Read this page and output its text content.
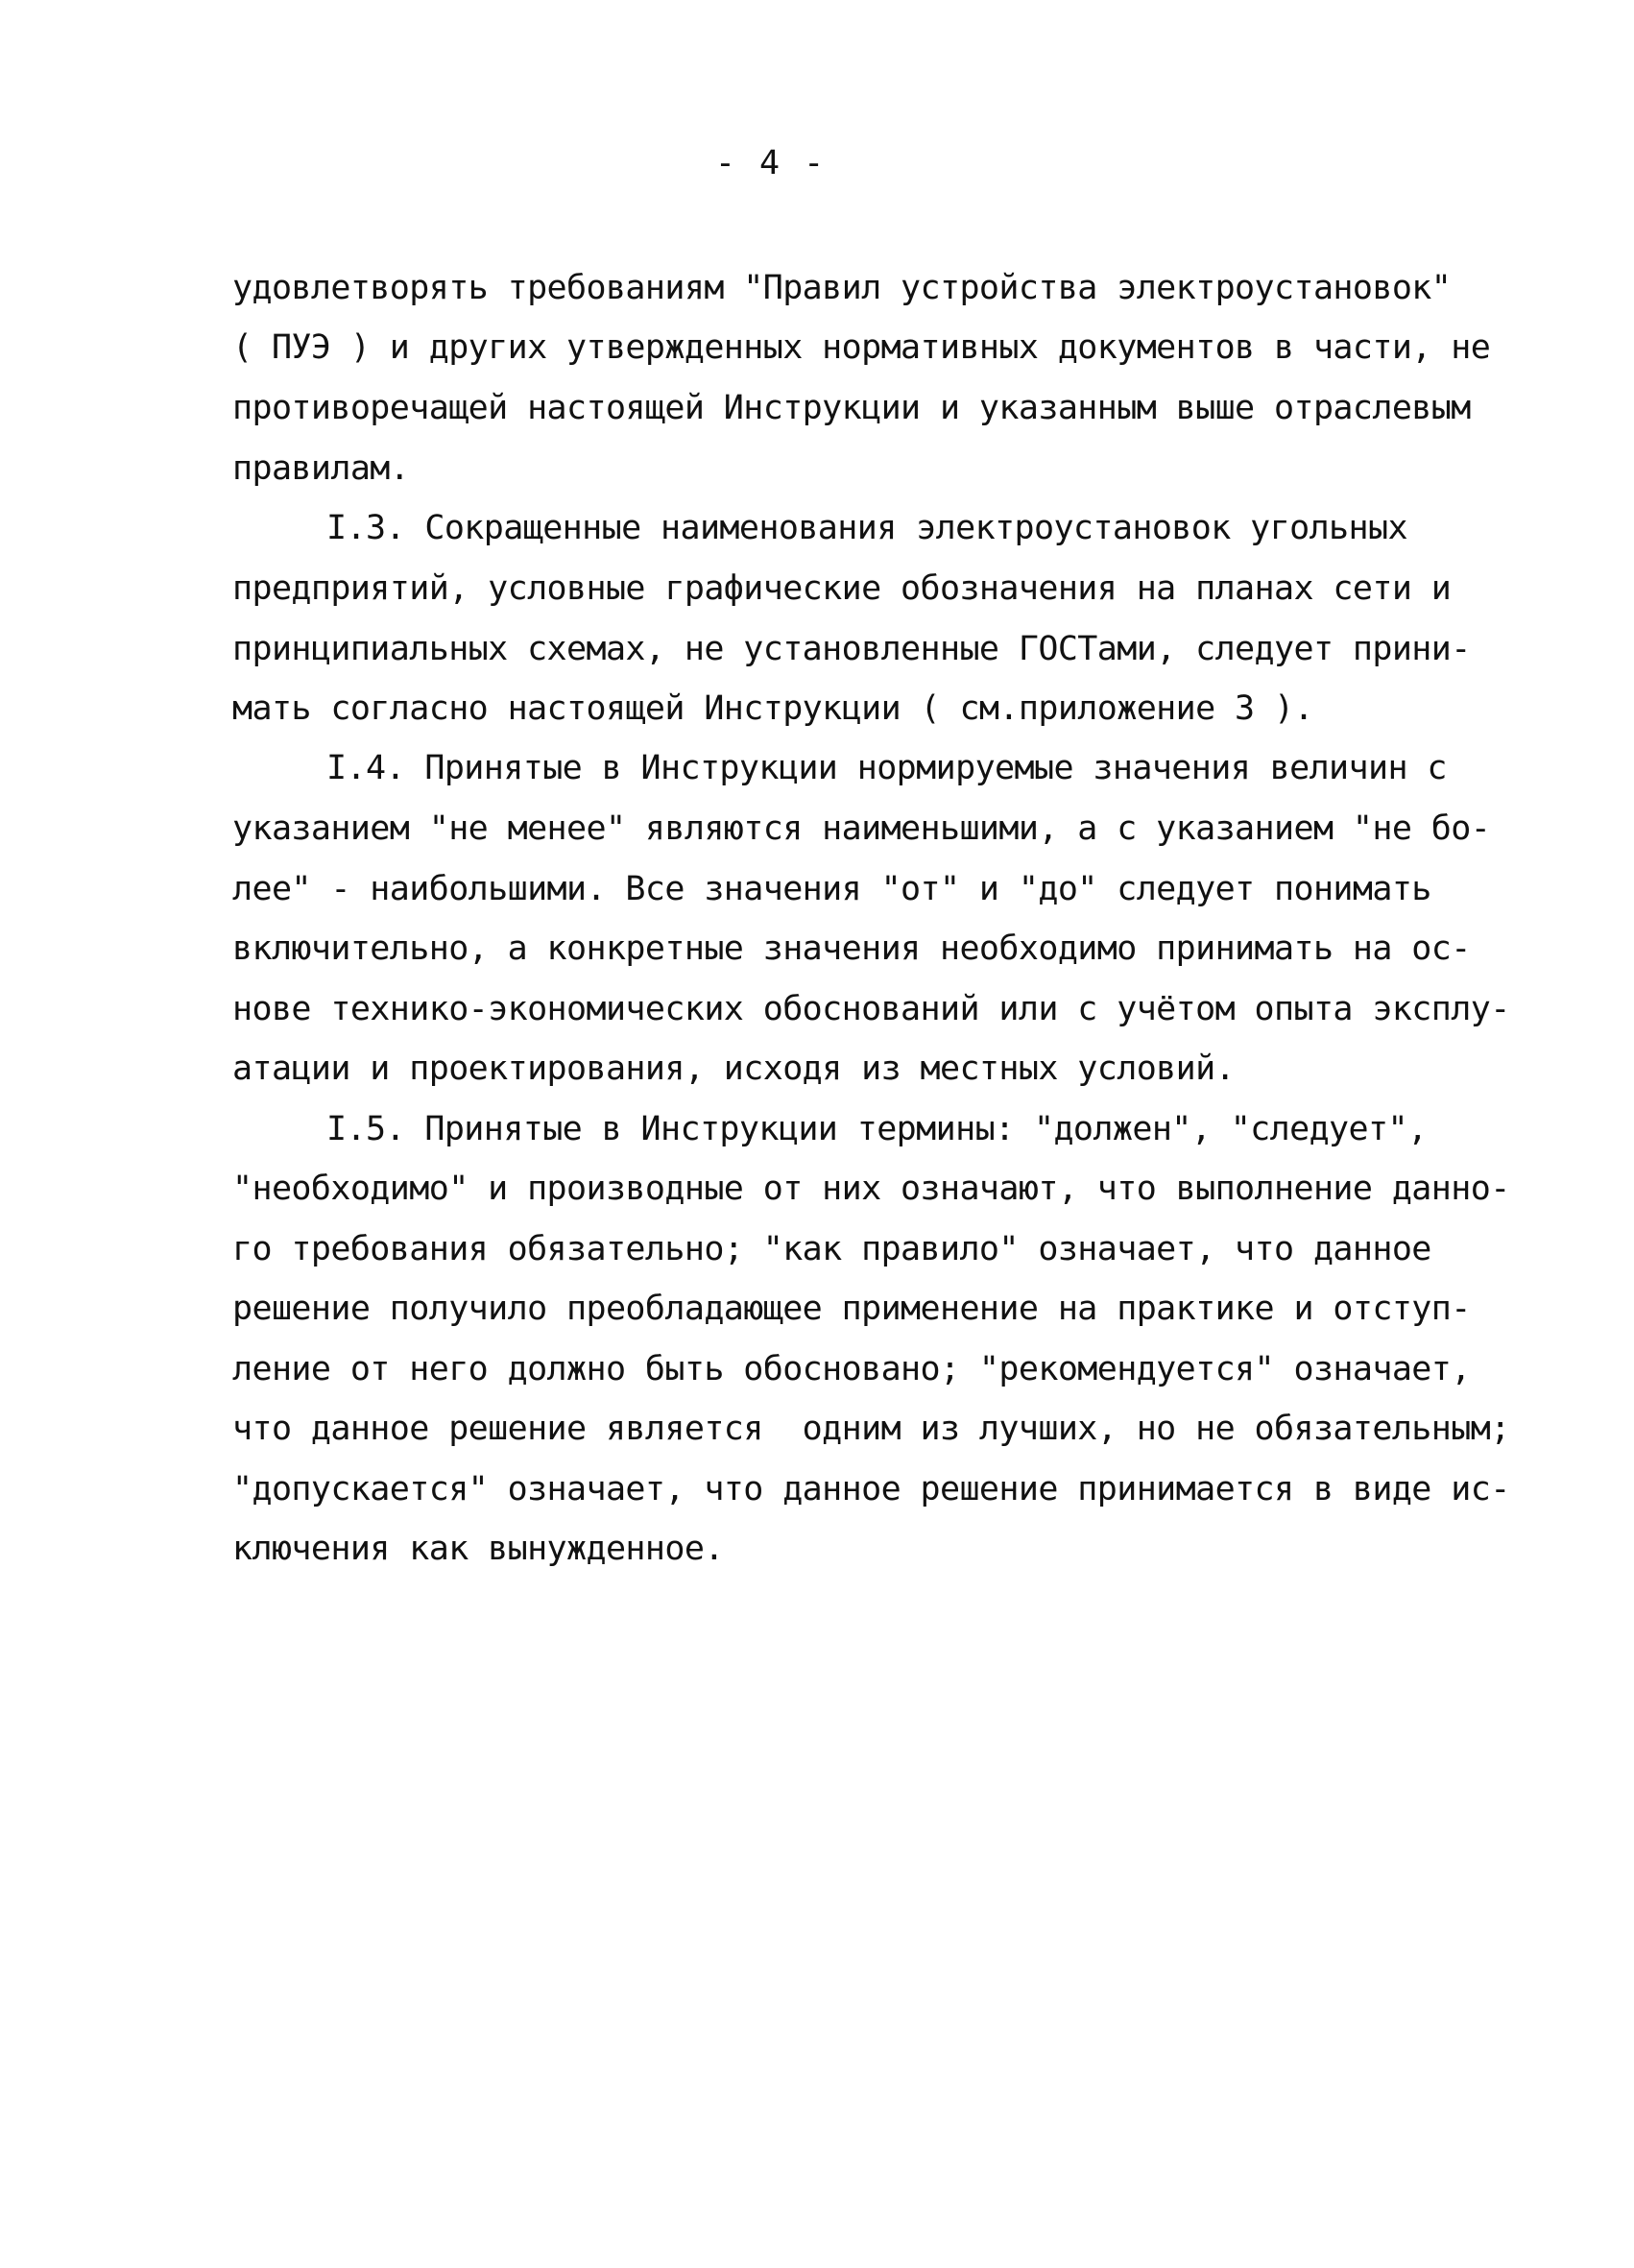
- 4 -
удовлетворять требованиям "Правил устройства электроустановок"
( ПУЭ ) и других утвержденных нормативных документов в части, не
противоречащей настоящей Инструкции и указанным выше отраслевым
правилам.
I.3. Сокращенные наименования электроустановок угольных
предприятий, условные графические обозначения на планах сети и
принципиальных схемах, не установленные ГОСТами, следует прини-
мать согласно настоящей Инструкции ( см.приложение 3 ).
I.4. Принятые в Инструкции нормируемые значения величин с
указанием "не менее" являются наименьшими, а с указанием "не бо-
лее" - наибольшими. Все значения "от" и "до" следует понимать
включительно, а конкретные значения необходимо принимать на ос-
нове технико-экономических обоснований или с учётом опыта эксплу-
атации и проектирования, исходя из местных условий.
I.5. Принятые в Инструкции термины: "должен", "следует",
"необходимо" и производные от них означают, что выполнение данно-
го требования обязательно; "как правило" означает, что данное
решение получило преобладающее применение на практике и отступ-
ление от него должно быть обосновано; "рекомендуется" означает,
что данное решение является  одним из лучших, но не обязательным;
"допускается" означает, что данное решение принимается в виде ис-
ключения как вынужденное.
